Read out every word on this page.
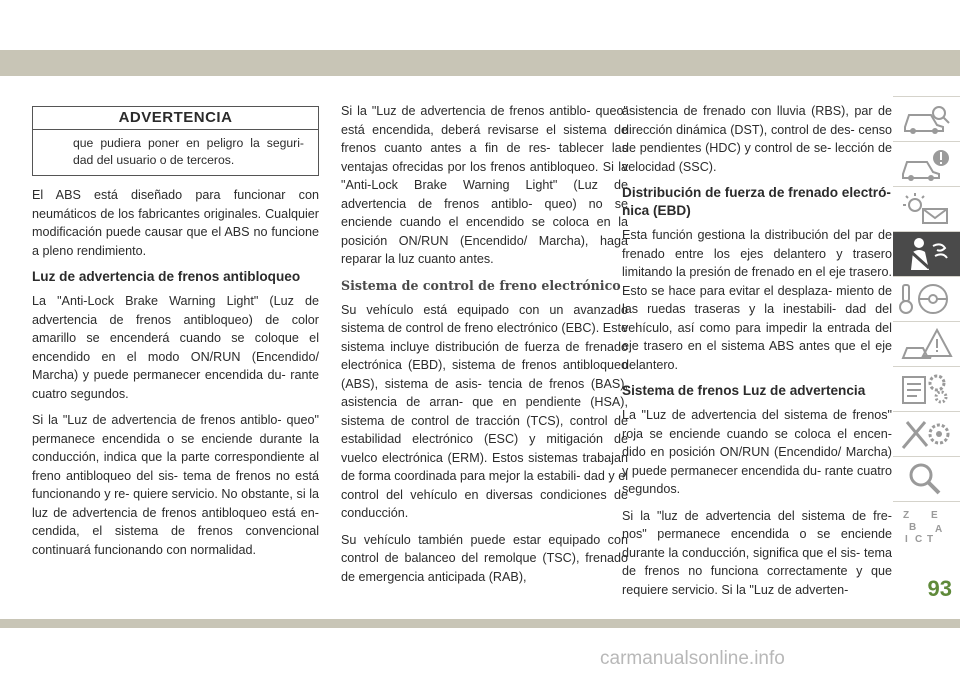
ADVERTENCIA
que pudiera poner en peligro la seguri- dad del usuario o de terceros.

El ABS está diseñado para funcionar con neumáticos de los fabricantes originales. Cualquier modificación puede causar que el ABS no funcione a pleno rendimiento.

Luz de advertencia de frenos antibloqueo

La "Anti-Lock Brake Warning Light" (Luz de advertencia de frenos antibloqueo) de color amarillo se encenderá cuando se coloque el encendido en el modo ON/RUN (Encendido/ Marcha) y puede permanecer encendida du- rante cuatro segundos.

Si la "Luz de advertencia de frenos antiblo- queo" permanece encendida o se enciende durante la conducción, indica que la parte correspondiente al freno antibloqueo del sis- tema de frenos no está funcionando y re- quiere servicio. No obstante, si la luz de advertencia de frenos antibloqueo está en- cendida, el sistema de frenos convencional continuará funcionando con normalidad.

Si la "Luz de advertencia de frenos antiblo- queo" está encendida, deberá revisarse el sistema de frenos cuanto antes a fin de res- tablecer las ventajas ofrecidas por los frenos antibloqueo. Si la "Anti-Lock Brake Warning Light" (Luz de advertencia de frenos antiblo- queo) no se enciende cuando el encendido se coloca en la posición ON/RUN (Encendido/ Marcha), haga reparar la luz cuanto antes.

Sistema de control de freno electrónico

Su vehículo está equipado con un avanzado sistema de control de freno electrónico (EBC). Este sistema incluye distribución de fuerza de frenado electrónica (EBD), sistema de frenos antibloqueo (ABS), sistema de asis- tencia de frenos (BAS), asistencia de arran- que en pendiente (HSA), sistema de control de tracción (TCS), control de estabilidad electrónico (ESC) y mitigación de vuelco electrónica (ERM). Estos sistemas trabajan de forma coordinada para mejor la estabili- dad y el control del vehículo en diversas condiciones de conducción.

Su vehículo también puede estar equipado con control de balanceo del remolque (TSC), frenado de emergencia anticipada (RAB),

asistencia de frenado con lluvia (RBS), par de dirección dinámica (DST), control de des- censo de pendientes (HDC) y control de se- lección de velocidad (SSC).

Distribución de fuerza de frenado electró- nica (EBD)

Esta función gestiona la distribución del par de frenado entre los ejes delantero y trasero limitando la presión de frenado en el eje trasero. Esto se hace para evitar el desplaza- miento de las ruedas traseras y la inestabili- dad del vehículo, así como para impedir la entrada del eje trasero en el sistema ABS antes que el eje delantero.

Sistema de frenos Luz de advertencia

La "Luz de advertencia del sistema de frenos" roja se enciende cuando se coloca el encen- dido en posición ON/RUN (Encendido/ Marcha) y puede permanecer encendida du- rante cuatro segundos.

Si la "luz de advertencia del sistema de fre- nos" permanece encendida o se enciende durante la conducción, significa que el sis- tema de frenos no funciona correctamente y que requiere servicio. Si la "Luz de adverten-

Z E
B A
I C T
93
carmanualsonline.info
